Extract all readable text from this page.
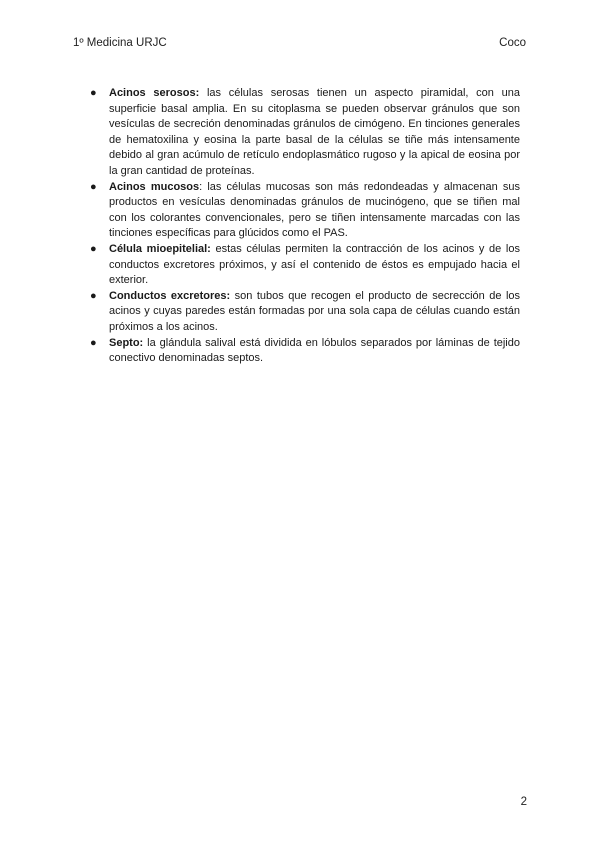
1º Medicina URJC	Coco
● Acinos serosos: las células serosas tienen un aspecto piramidal, con una superficie basal amplia. En su citoplasma se pueden observar gránulos que son vesículas de secreción denominadas gránulos de cimógeno. En tinciones generales de hematoxilina y eosina la parte basal de la células se tiñe más intensamente debido al gran acúmulo de retículo endoplasmático rugoso y la apical de eosina por la gran cantidad de proteínas.
● Acinos mucosos: las células mucosas son más redondeadas y almacenan sus productos en vesículas denominadas gránulos de mucinógeno, que se tiñen mal con los colorantes convencionales, pero se tiñen intensamente marcadas con las tinciones específicas para glúcidos como el PAS.
● Célula mioepitelial: estas células permiten la contracción de los acinos y de los conductos excretores próximos, y así el contenido de éstos es empujado hacia el exterior.
● Conductos excretores: son tubos que recogen el producto de secrección de los acinos y cuyas paredes están formadas por una sola capa de células cuando están próximos a los acinos.
● Septo: la glándula salival está dividida en lóbulos separados por láminas de tejido conectivo denominadas septos.
2
